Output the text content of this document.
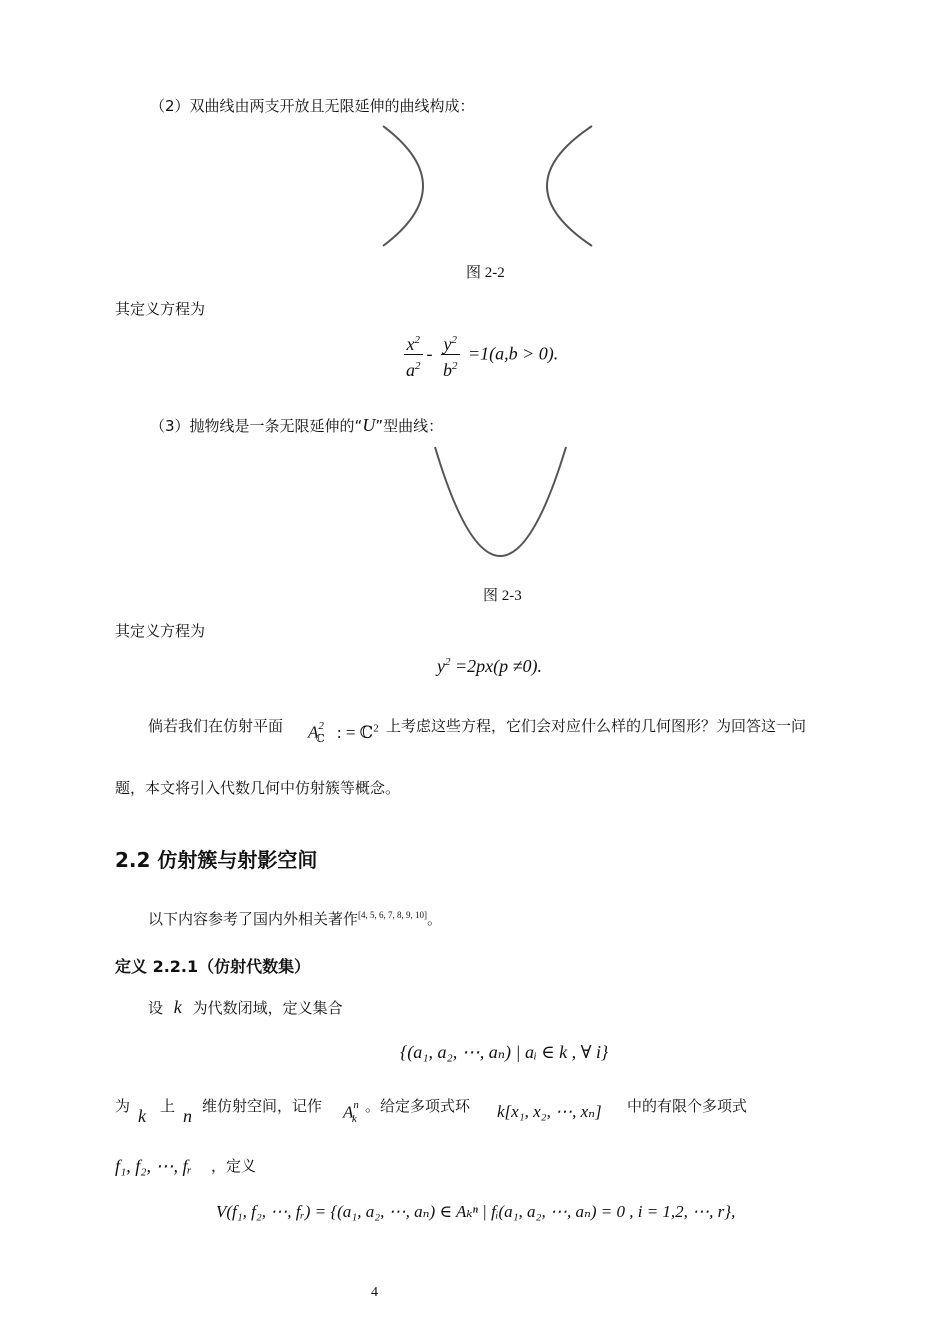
（2）双曲线由两支开放且无限延伸的曲线构成：
图 2-2
其定义方程为
$\frac{x^2}{a^2} - \frac{y^2}{b^2} =1(a,b > 0)$.
（3）抛物线是一条无限延伸的“U”型曲线：
图 2-3
其定义方程为
$y^2 =2px(p \ne 0)$.
倘若我们在仿射平面 $A^2_ℂ$ : = ℂ$^2$ 上考虑这些方程，它们会对应什么样的几何图形？为回答这一问
题，本文将引入代数几何中仿射簇等概念。
2.2 仿射簇与射影空间
以下内容参考了国内外相关著作[4, 5, 6, 7, 8, 9, 10]。
定义 2.2.1（仿射代数集）
设 k 为代数闭域，定义集合
{(a₁, a₂, ⋯, aₙ) | aᵢ ∈ k , ∀ i}
为 k 上 n 维仿射空间，记作 $A^n_k$
。给定多项式环 k[x₁, x₂, ⋯, xₙ] 中的有限个多项式
f₁, f₂, ⋯, fᵣ ，定义
V(f₁, f₂, ⋯, fᵣ) = {(a₁, a₂, ⋯, aₙ) ∈ Aₖⁿ | fᵢ(a₁, a₂, ⋯, aₙ) = 0 , i = 1,2, ⋯, r},
4
